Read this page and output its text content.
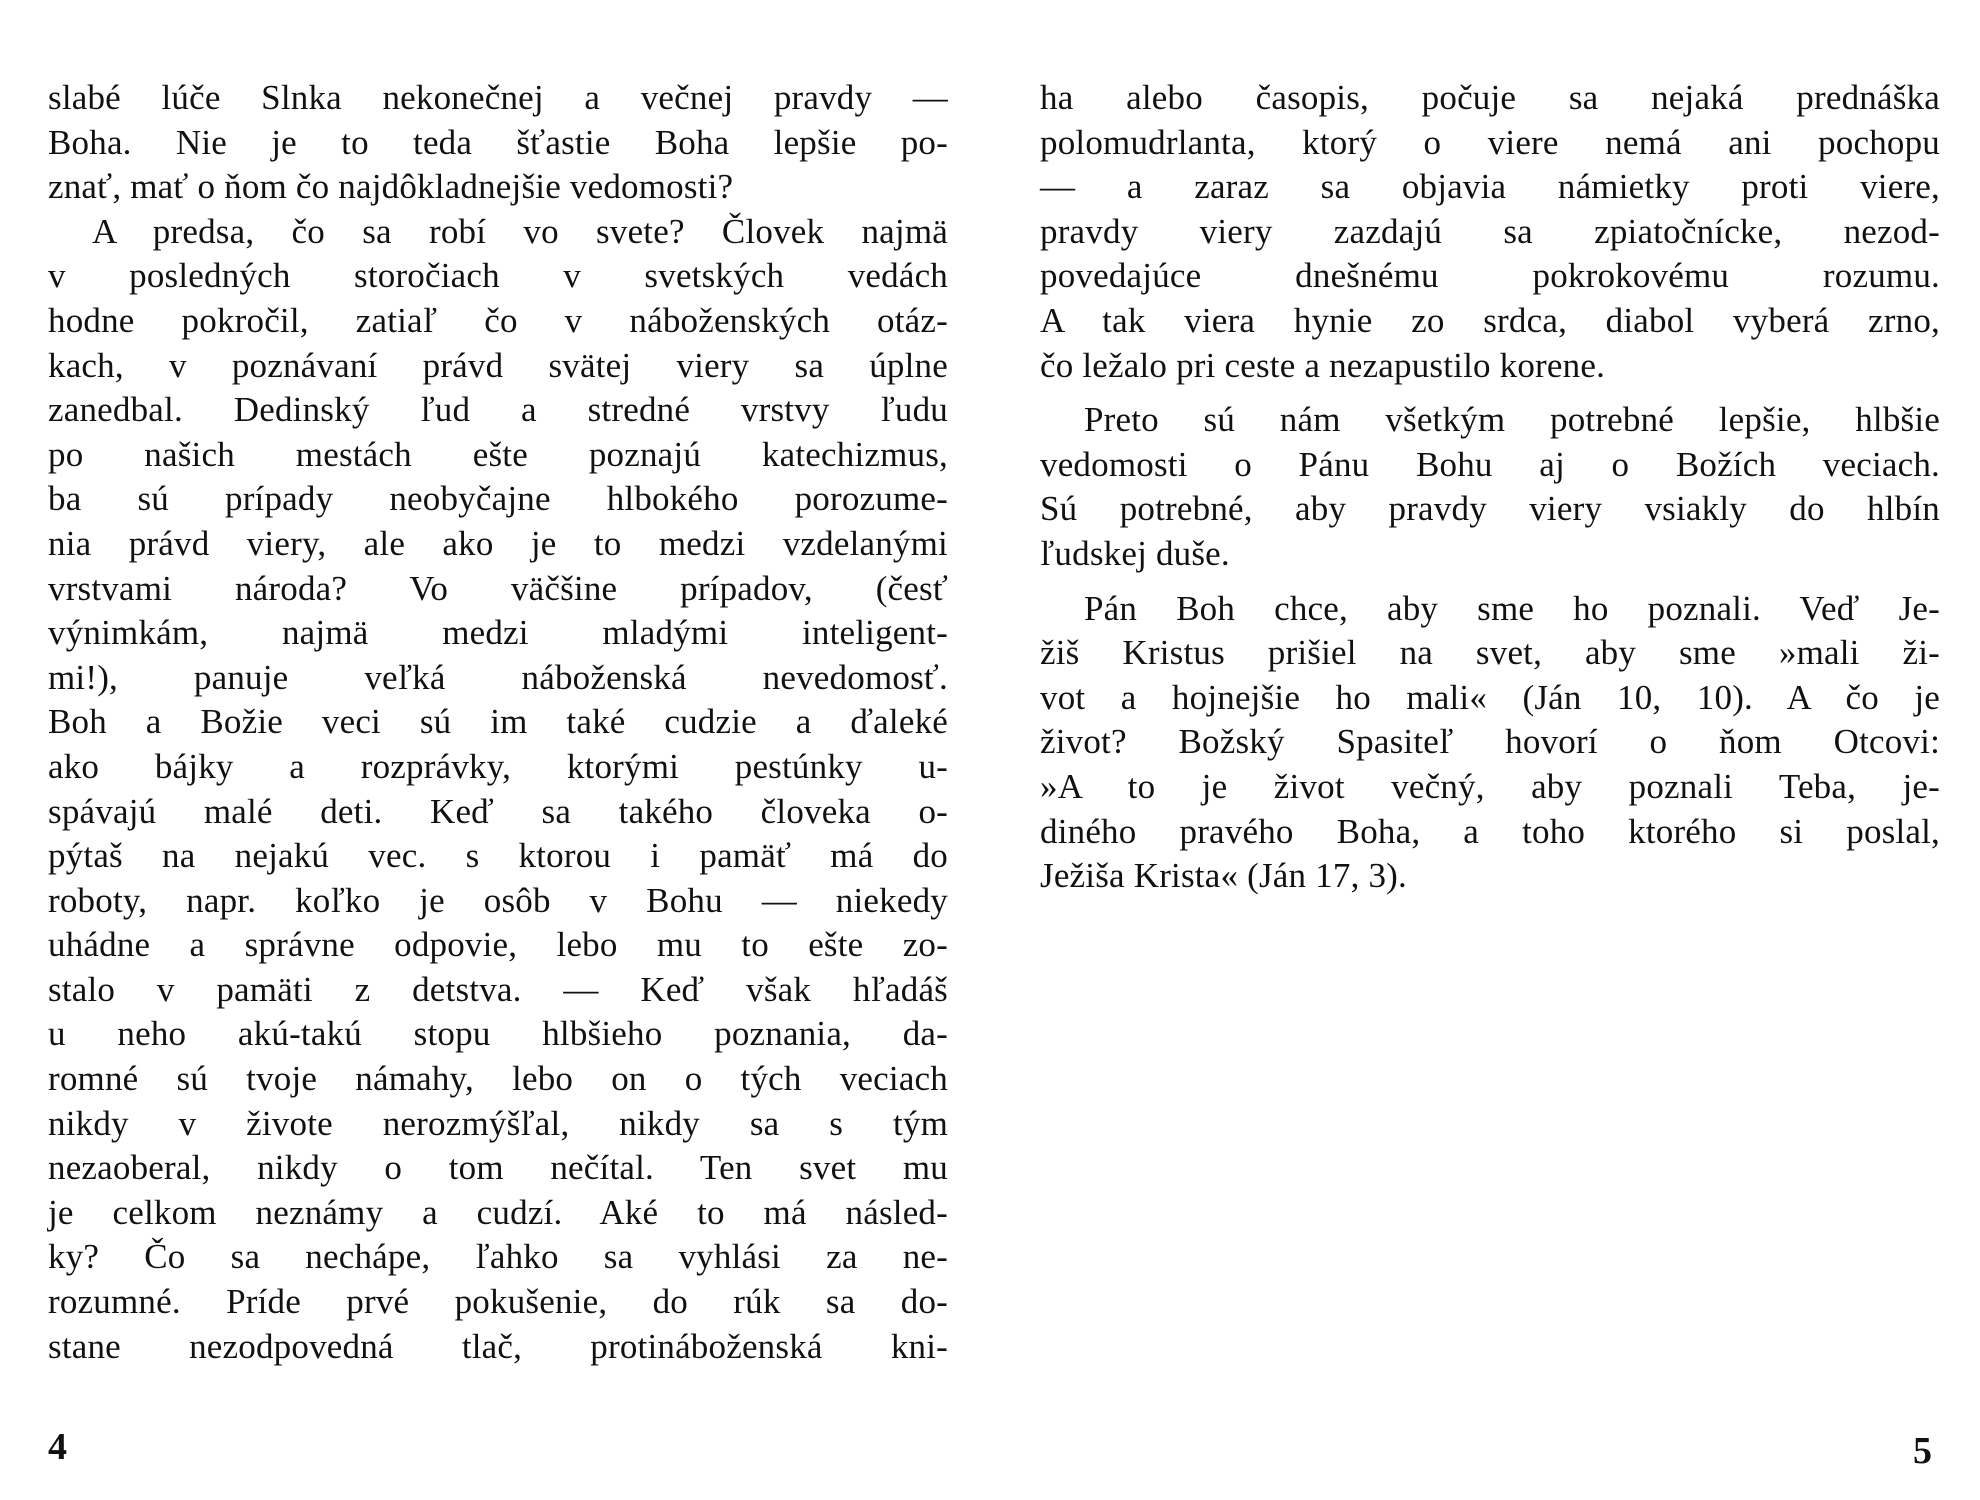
slabé lúče Slnka nekonečnej a večnej pravdy —
Boha. Nie je to teda šťastie Boha lepšie po-
znať, mať o ňom čo najdôkladnejšie vedomosti?
A predsa, čo sa robí vo svete? Človek najmä
v posledných storočiach v svetských vedách
hodne pokročil, zatiaľ čo v náboženských otáz-
kach, v poznávaní právd svätej viery sa úplne
zanedbal. Dedinský ľud a stredné vrstvy ľudu
po našich mestách ešte poznajú katechizmus,
ba sú prípady neobyčajne hlbokého porozume-
nia právd viery, ale ako je to medzi vzdelanými
vrstvami národa? Vo väčšine prípadov, (česť
výnimkám, najmä medzi mladými inteligent-
mi!), panuje veľká náboženská nevedomosť.
Boh a Božie veci sú im také cudzie a ďaleké
ako bájky a rozprávky, ktorými pestúnky u-
spávajú malé deti. Keď sa takého človeka o-
pýtaš na nejakú vec. s ktorou i pamäť má do
roboty, napr. koľko je osôb v Bohu — niekedy
uhádne a správne odpovie, lebo mu to ešte zo-
stalo v pamäti z detstva. — Keď však hľadáš
u neho akú-takú stopu hlbšieho poznania, da-
romné sú tvoje námahy, lebo on o tých veciach
nikdy v živote nerozmýšľal, nikdy sa s tým
nezaoberal, nikdy o tom nečítal. Ten svet mu
je celkom neznámy a cudzí. Aké to má násled-
ky? Čo sa nechápe, ľahko sa vyhlási za ne-
rozumné. Príde prvé pokušenie, do rúk sa do-
stane nezodpovedná tlač, protináboženská kni-
4
ha alebo časopis, počuje sa nejaká prednáška
polomudrlanta, ktorý o viere nemá ani pochopu
— a zaraz sa objavia námietky proti viere,
pravdy viery zazdajú sa zpiatočnícke, nezod-
povedajúce dnešnému pokrokovému rozumu.
A tak viera hynie zo srdca, diabol vyberá zrno,
čo ležalo pri ceste a nezapustilo korene.
Preto sú nám všetkým potrebné lepšie, hlbšie
vedomosti o Pánu Bohu aj o Božích veciach.
Sú potrebné, aby pravdy viery vsiakly do hlbín
ľudskej duše.
Pán Boh chce, aby sme ho poznali. Veď Je-
žiš Kristus prišiel na svet, aby sme »mali ži-
vot a hojnejšie ho mali« (Ján 10, 10). A čo je
život? Božský Spasiteľ hovorí o ňom Otcovi:
»A to je život večný, aby poznali Teba, je-
diného pravého Boha, a toho ktorého si poslal,
Ježiša Krista« (Ján 17, 3).
5
